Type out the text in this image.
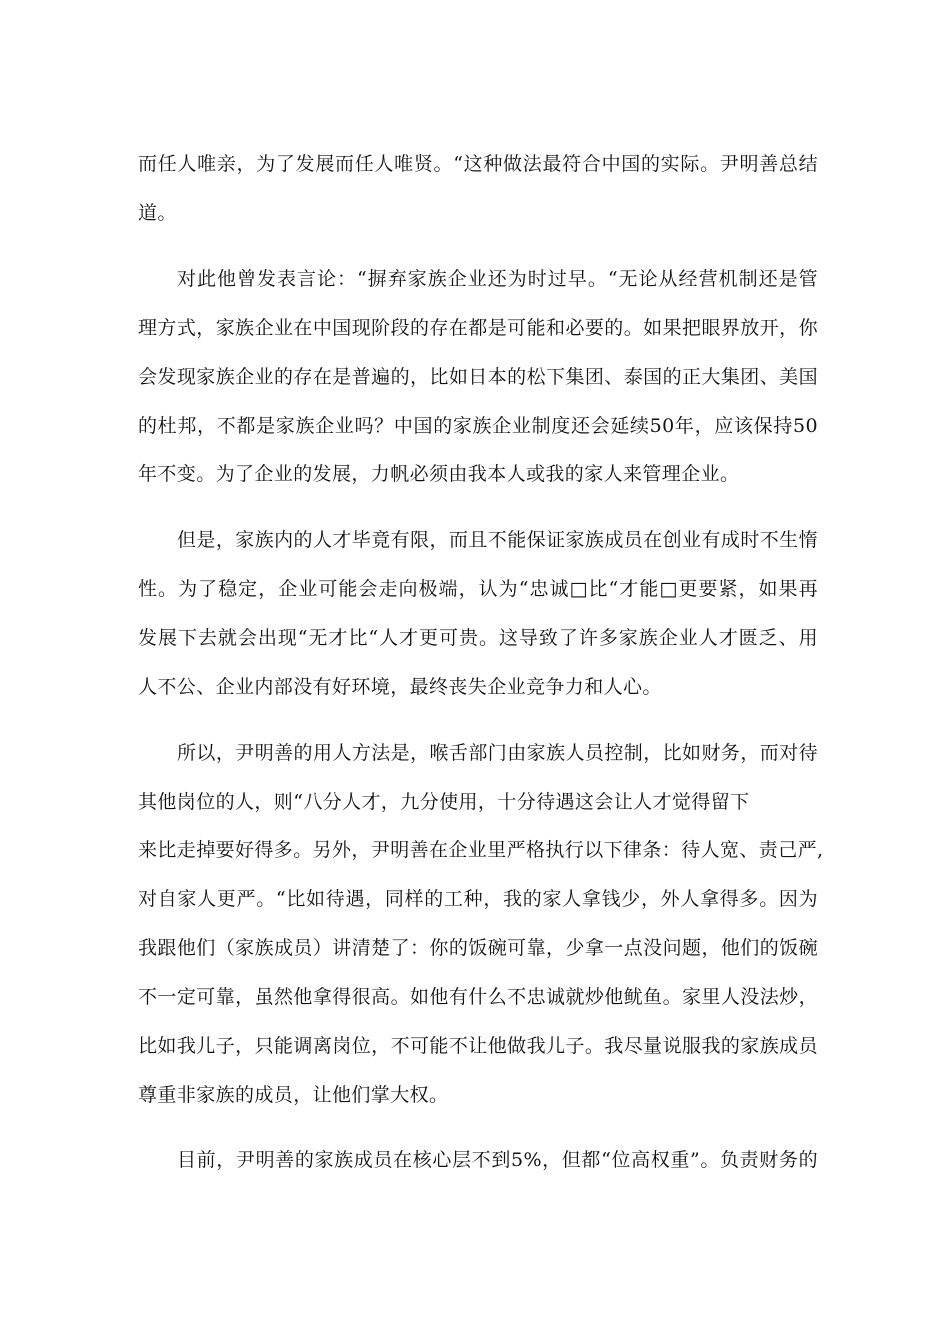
而任人唯亲，为了发展而任人唯贤。“这种做法最符合中国的实际。尹明善总结
道。
对此他曾发表言论：“摒弃家族企业还为时过早。“无论从经营机制还是管
理方式，家族企业在中国现阶段的存在都是可能和必要的。如果把眼界放开，你
会发现家族企业的存在是普遍的，比如日本的松下集团、泰国的正大集团、美国
的杜邦，不都是家族企业吗？中国的家族企业制度还会延续50年，应该保持50
年不变。为了企业的发展，力帆必须由我本人或我的家人来管理企业。
但是，家族内的人才毕竟有限，而且不能保证家族成员在创业有成时不生惰
性。为了稳定，企业可能会走向极端，认为“忠诚□比“才能□更要紧，如果再
发展下去就会出现“无才比“人才更可贵。这导致了许多家族企业人才匮乏、用
人不公、企业内部没有好环境，最终丧失企业竞争力和人心。
所以，尹明善的用人方法是，喉舌部门由家族人员控制，比如财务，而对待
其他岗位的人，则“八分人才，九分使用，十分待遇这会让人才觉得留下
来比走掉要好得多。另外，尹明善在企业里严格执行以下律条：待人宽、责己严,
对自家人更严。“比如待遇，同样的工种，我的家人拿钱少，外人拿得多。因为
我跟他们（家族成员）讲清楚了：你的饭碗可靠，少拿一点没问题，他们的饭碗
不一定可靠，虽然他拿得很高。如他有什么不忠诚就炒他鱿鱼。家里人没法炒，
比如我儿子，只能调离岗位，不可能不让他做我儿子。我尽量说服我的家族成员
尊重非家族的成员，让他们掌大权。
目前，尹明善的家族成员在核心层不到5%，但都“位高权重”。负责财务的
